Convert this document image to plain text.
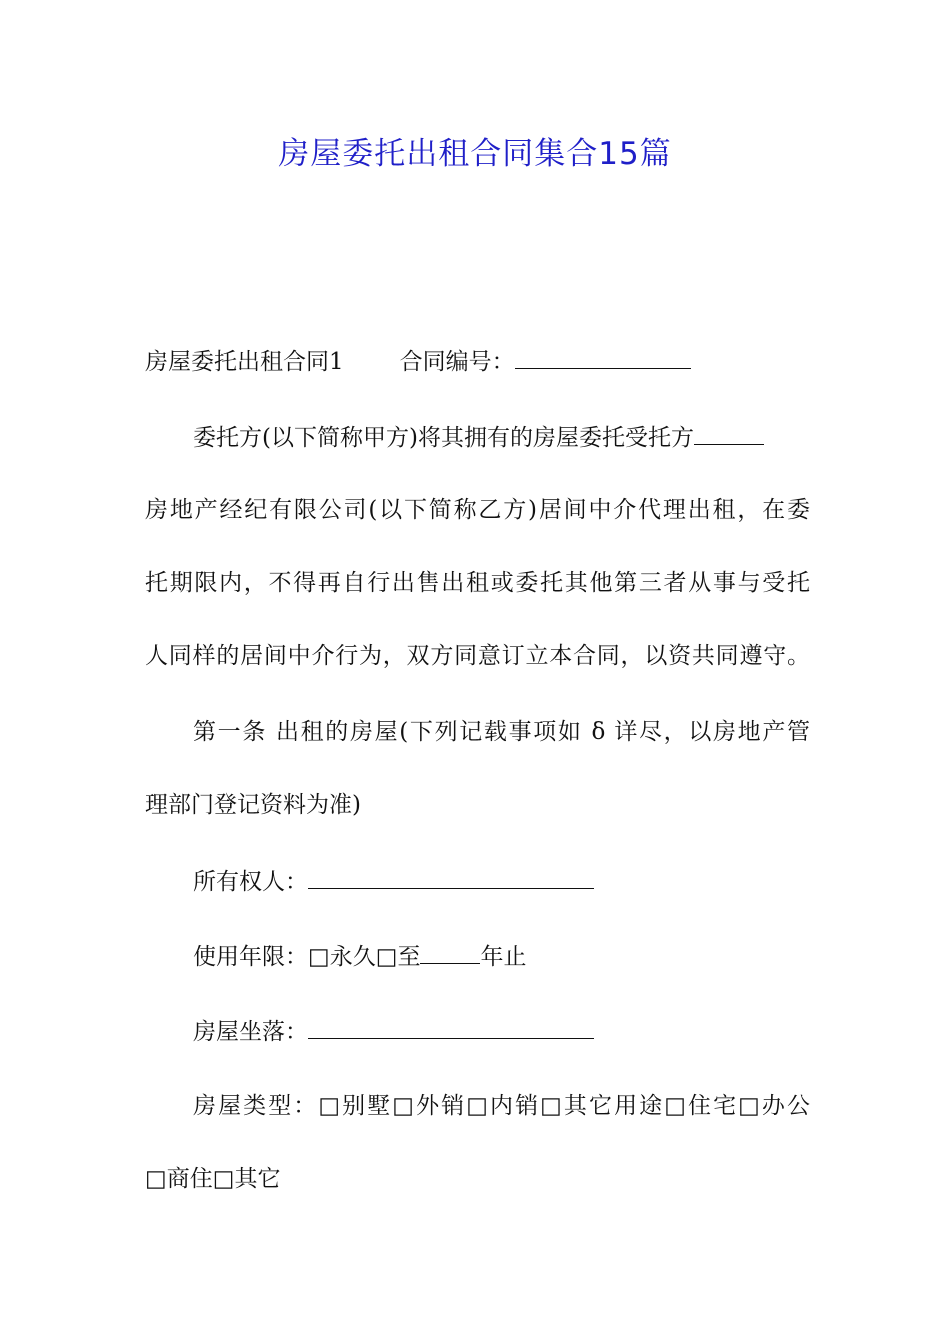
房屋委托出租合同集合15篇
房屋委托出租合同1 合同编号：
委托方(以下简称甲方)将其拥有的房屋委托受托方
房地产经纪有限公司(以下简称乙方)居间中介代理出租，在委
托期限内，不得再自行出售出租或委托其他第三者从事与受托
人同样的居间中介行为，双方同意订立本合同，以资共同遵守。
第一条 出租的房屋(下列记载事项如 δ 详尽，以房地产管
理部门登记资料为准)
所有权人：
使用年限：□永久□至	年止
房屋坐落：
房屋类型：□别墅□外销□内销□其它用途□住宅□办公
□商住□其它
